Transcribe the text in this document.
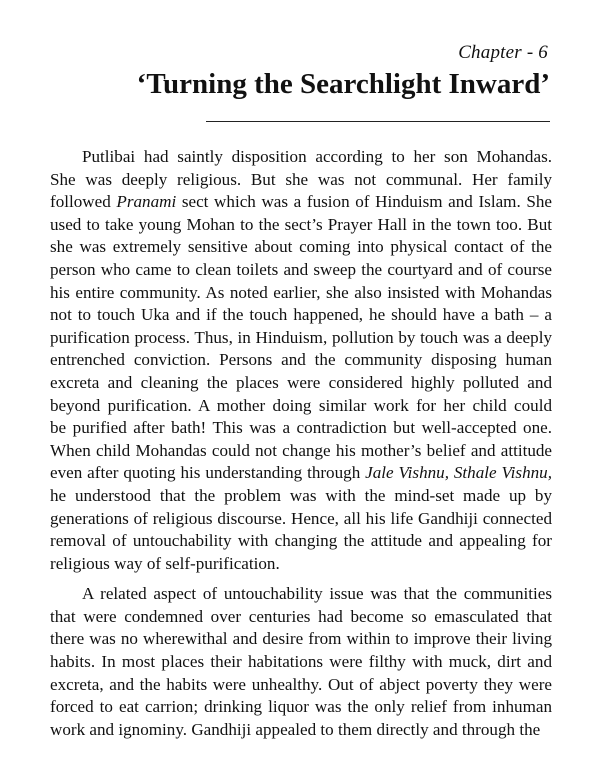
Chapter - 6
‘Turning the Searchlight Inward’

Putlibai had saintly disposition according to her son Mohandas.
She was deeply religious. But she was not communal. Her family
followed Pranami sect which was a fusion of Hinduism and Islam. She
used to take young Mohan to the sect’s Prayer Hall in the town too. But
she was extremely sensitive about coming into physical contact of the
person who came to clean toilets and sweep the courtyard and of course
his entire community. As noted earlier, she also insisted with Mohandas
not to touch Uka and if the touch happened, he should have a bath – a
purification process. Thus, in Hinduism, pollution by touch was a deeply
entrenched conviction. Persons and the community disposing human
excreta and cleaning the places were considered highly polluted and
beyond purification. A mother doing similar work for her child could
be purified after bath! This was a contradiction but well-accepted one.
When child Mohandas could not change his mother’s belief and attitude
even after quoting his understanding through Jale Vishnu, Sthale Vishnu,
he understood that the problem was with the mind-set made up by
generations of religious discourse. Hence, all his life Gandhiji connected
removal of untouchability with changing the attitude and appealing for
religious way of self-purification.

A related aspect of untouchability issue was that the communities
that were condemned over centuries had become so emasculated that
there was no wherewithal and desire from within to improve their living
habits. In most places their habitations were filthy with muck, dirt and
excreta, and the habits were unhealthy. Out of abject poverty they were
forced to eat carrion; drinking liquor was the only relief from inhuman
work and ignominy. Gandhiji appealed to them directly and through the
